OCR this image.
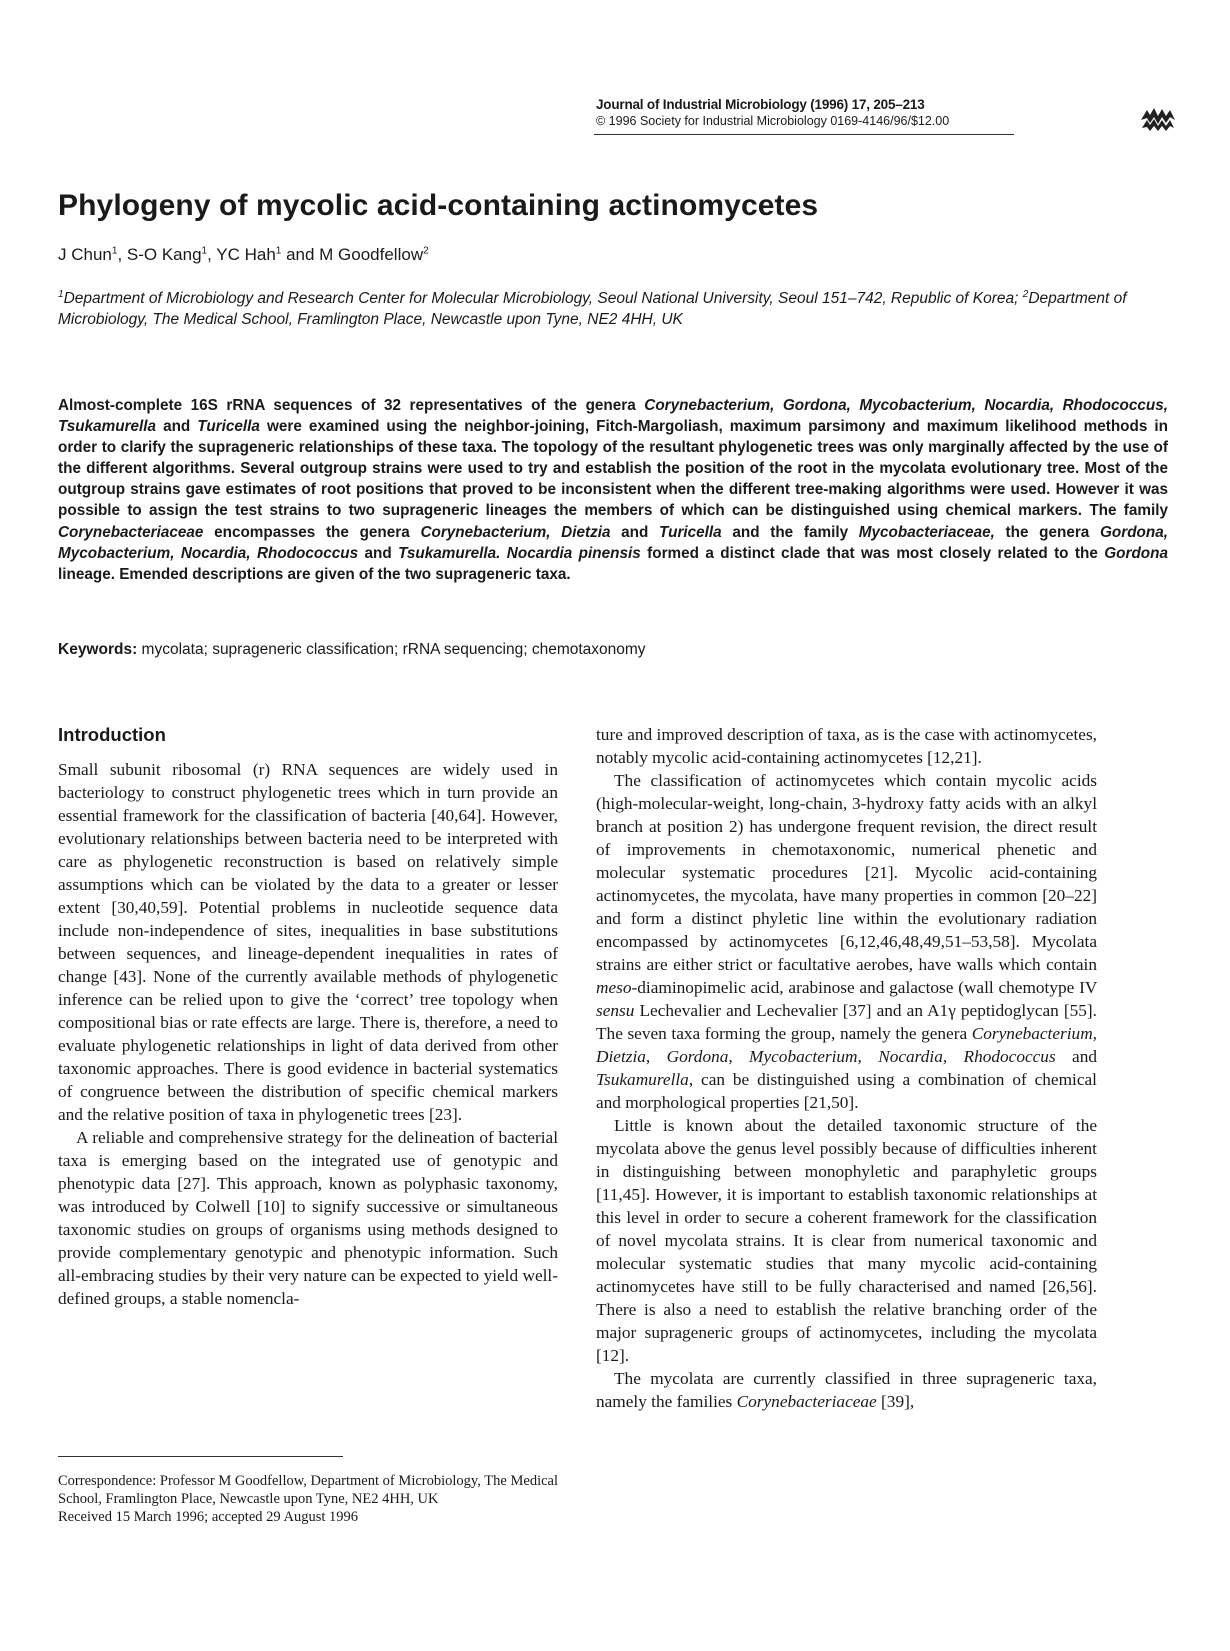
Journal of Industrial Microbiology (1996) 17, 205–213
© 1996 Society for Industrial Microbiology 0169-4146/96/$12.00
Phylogeny of mycolic acid-containing actinomycetes
J Chun$^1$, S-O Kang$^1$, YC Hah$^1$ and M Goodfellow$^2$
$^1$Department of Microbiology and Research Center for Molecular Microbiology, Seoul National University, Seoul 151–742, Republic of Korea; $^2$Department of Microbiology, The Medical School, Framlington Place, Newcastle upon Tyne, NE2 4HH, UK
Almost-complete 16S rRNA sequences of 32 representatives of the genera Corynebacterium, Gordona, Mycobacterium, Nocardia, Rhodococcus, Tsukamurella and Turicella were examined using the neighbor-joining, Fitch-Margoliash, maximum parsimony and maximum likelihood methods in order to clarify the suprageneric relationships of these taxa. The topology of the resultant phylogenetic trees was only marginally affected by the use of the different algorithms. Several outgroup strains were used to try and establish the position of the root in the mycolata evolutionary tree. Most of the outgroup strains gave estimates of root positions that proved to be inconsistent when the different tree-making algorithms were used. However it was possible to assign the test strains to two suprageneric lineages the members of which can be distinguished using chemical markers. The family Corynebacteriaceae encompasses the genera Corynebacterium, Dietzia and Turicella and the family Mycobacteriaceae, the genera Gordona, Mycobacterium, Nocardia, Rhodococcus and Tsukamurella. Nocardia pinensis formed a distinct clade that was most closely related to the Gordona lineage. Emended descriptions are given of the two suprageneric taxa.
Keywords: mycolata; suprageneric classification; rRNA sequencing; chemotaxonomy
Introduction

Small subunit ribosomal (r) RNA sequences are widely used in bacteriology to construct phylogenetic trees which in turn provide an essential framework for the classification of bacteria [40,64]. However, evolutionary relationships between bacteria need to be interpreted with care as phylogenetic reconstruction is based on relatively simple assumptions which can be violated by the data to a greater or lesser extent [30,40,59]. Potential problems in nucleotide sequence data include non-independence of sites, inequalities in base substitutions between sequences, and lineage-dependent inequalities in rates of change [43]. None of the currently available methods of phylogenetic inference can be relied upon to give the ‘correct’ tree topology when compositional bias or rate effects are large. There is, therefore, a need to evaluate phylogenetic relationships in light of data derived from other taxonomic approaches. There is good evidence in bacterial systematics of congruence between the distribution of specific chemical markers and the relative position of taxa in phylogenetic trees [23].

A reliable and comprehensive strategy for the delineation of bacterial taxa is emerging based on the integrated use of genotypic and phenotypic data [27]. This approach, known as polyphasic taxonomy, was introduced by Colwell [10] to signify successive or simultaneous taxonomic studies on groups of organisms using methods designed to provide complementary genotypic and phenotypic information. Such all-embracing studies by their very nature can be expected to yield well-defined groups, a stable nomencla-

ture and improved description of taxa, as is the case with actinomycetes, notably mycolic acid-containing actinomycetes [12,21].

The classification of actinomycetes which contain mycolic acids (high-molecular-weight, long-chain, 3-hydroxy fatty acids with an alkyl branch at position 2) has undergone frequent revision, the direct result of improvements in chemotaxonomic, numerical phenetic and molecular systematic procedures [21]. Mycolic acid-containing actinomycetes, the mycolata, have many properties in common [20–22] and form a distinct phyletic line within the evolutionary radiation encompassed by actinomycetes [6,12,46,48,49,51–53,58]. Mycolata strains are either strict or facultative aerobes, have walls which contain meso-diaminopimelic acid, arabinose and galactose (wall chemotype IV sensu Lechevalier and Lechevalier [37] and an A1γ peptidoglycan [55]. The seven taxa forming the group, namely the genera Corynebacterium, Dietzia, Gordona, Mycobacterium, Nocardia, Rhodococcus and Tsukamurella, can be distinguished using a combination of chemical and morphological properties [21,50].

Little is known about the detailed taxonomic structure of the mycolata above the genus level possibly because of difficulties inherent in distinguishing between monophyletic and paraphyletic groups [11,45]. However, it is important to establish taxonomic relationships at this level in order to secure a coherent framework for the classification of novel mycolata strains. It is clear from numerical taxonomic and molecular systematic studies that many mycolic acid-containing actinomycetes have still to be fully characterised and named [26,56]. There is also a need to establish the relative branching order of the major suprageneric groups of actinomycetes, including the mycolata [12].

The mycolata are currently classified in three suprageneric taxa, namely the families Corynebacteriaceae [39],

Correspondence: Professor M Goodfellow, Department of Microbiology, The Medical School, Framlington Place, Newcastle upon Tyne, NE2 4HH, UK
Received 15 March 1996; accepted 29 August 1996
